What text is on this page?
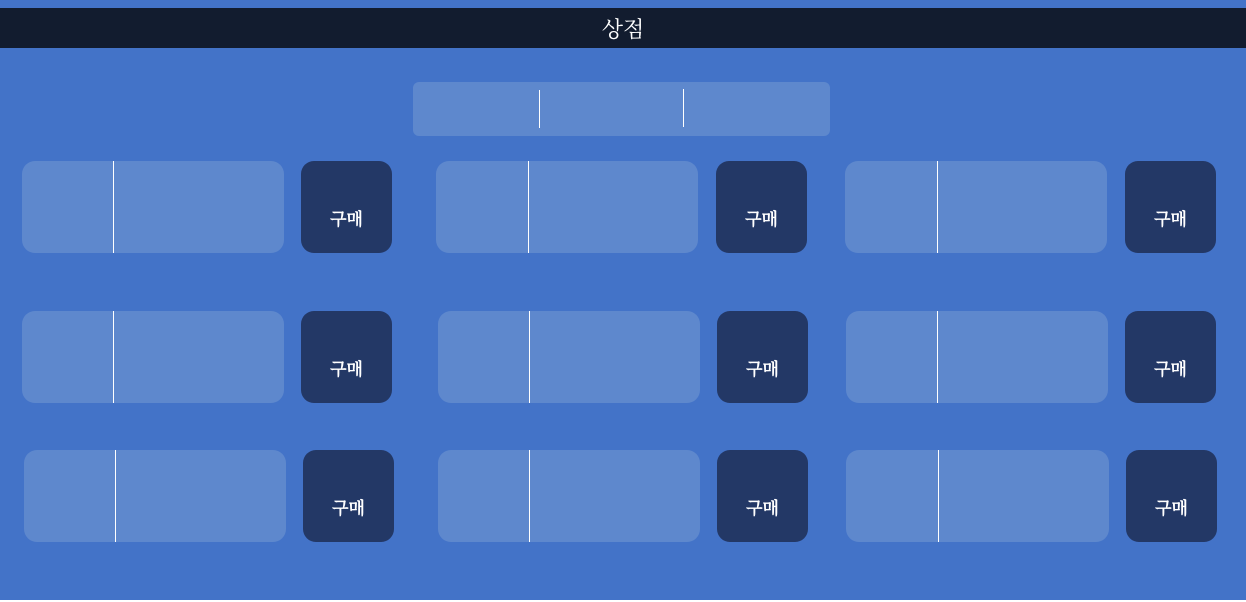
상점
구매	구매	구매
구매	구매	구매
구매	구매	구매
